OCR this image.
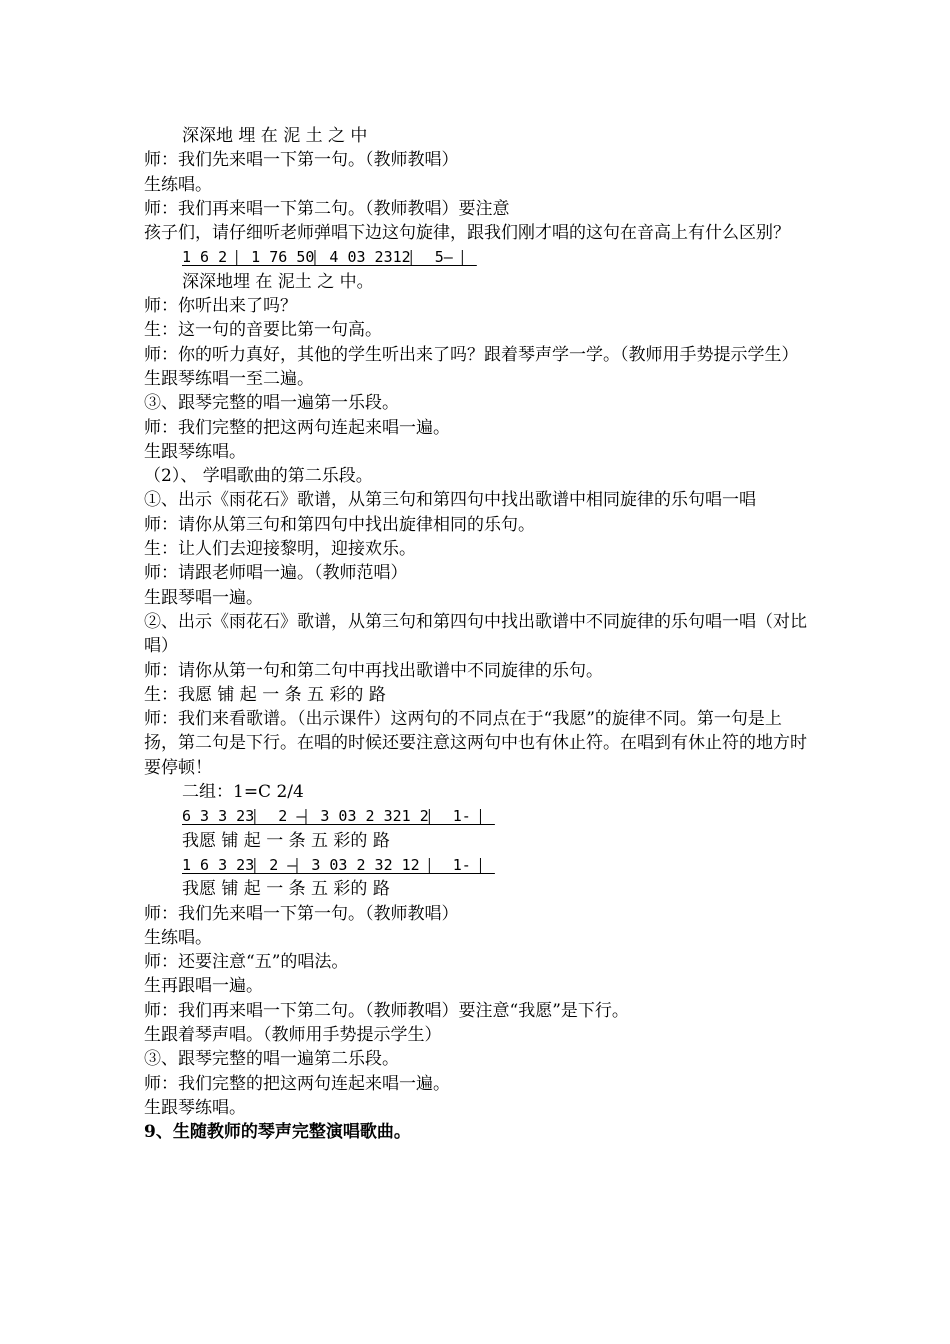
深深地 埋 在 泥 土 之 中
师：我们先来唱一下第一句。（教师教唱）
生练唱。
师：我们再来唱一下第二句。（教师教唱）要注意
孩子们，请仔细听老师弹唱下边这句旋律，跟我们刚才唱的这句在音高上有什么区别？
1 6 2 ⎸1 76 50⎸4 03 2312⎸ 5— ⎸
深深地埋 在 泥土 之 中。
师：你听出来了吗？
生：这一句的音要比第一句高。
师：你的听力真好，其他的学生听出来了吗？跟着琴声学一学。（教师用手势提示学生）
生跟琴练唱一至二遍。
③、跟琴完整的唱一遍第一乐段。
师：我们完整的把这两句连起来唱一遍。
生跟琴练唱。
（2）、 学唱歌曲的第二乐段。
①、出示《雨花石》歌谱，从第三句和第四句中找出歌谱中相同旋律的乐句唱一唱
师：请你从第三句和第四句中找出旋律相同的乐句。
生：让人们去迎接黎明，迎接欢乐。
师：请跟老师唱一遍。（教师范唱）
生跟琴唱一遍。
②、出示《雨花石》歌谱，从第三句和第四句中找出歌谱中不同旋律的乐句唱一唱（对比唱）
师：请你从第一句和第二句中再找出歌谱中不同旋律的乐句。
生：我愿 铺 起 一 条 五 彩的 路
师：我们来看歌谱。（出示课件）这两句的不同点在于“我愿”的旋律不同。第一句是上扬，第二句是下行。在唱的时候还要注意这两句中也有休止符。在唱到有休止符的地方时要停顿！
二组：1=C 2/4
6 3 3 23⎸ 2 —⎸3 03 2 321 2⎸ 1- ⎸
我愿 铺 起 一 条 五 彩的 路
1 6 3 23⎸2 —⎸3 03 2 32 12 ⎸ 1- ⎸
我愿 铺 起 一 条 五 彩的 路
师：我们先来唱一下第一句。（教师教唱）
生练唱。
师：还要注意“五”的唱法。
生再跟唱一遍。
师：我们再来唱一下第二句。（教师教唱）要注意“我愿”是下行。
生跟着琴声唱。（教师用手势提示学生）
③、跟琴完整的唱一遍第二乐段。
师：我们完整的把这两句连起来唱一遍。
生跟琴练唱。
9、生随教师的琴声完整演唱歌曲。
